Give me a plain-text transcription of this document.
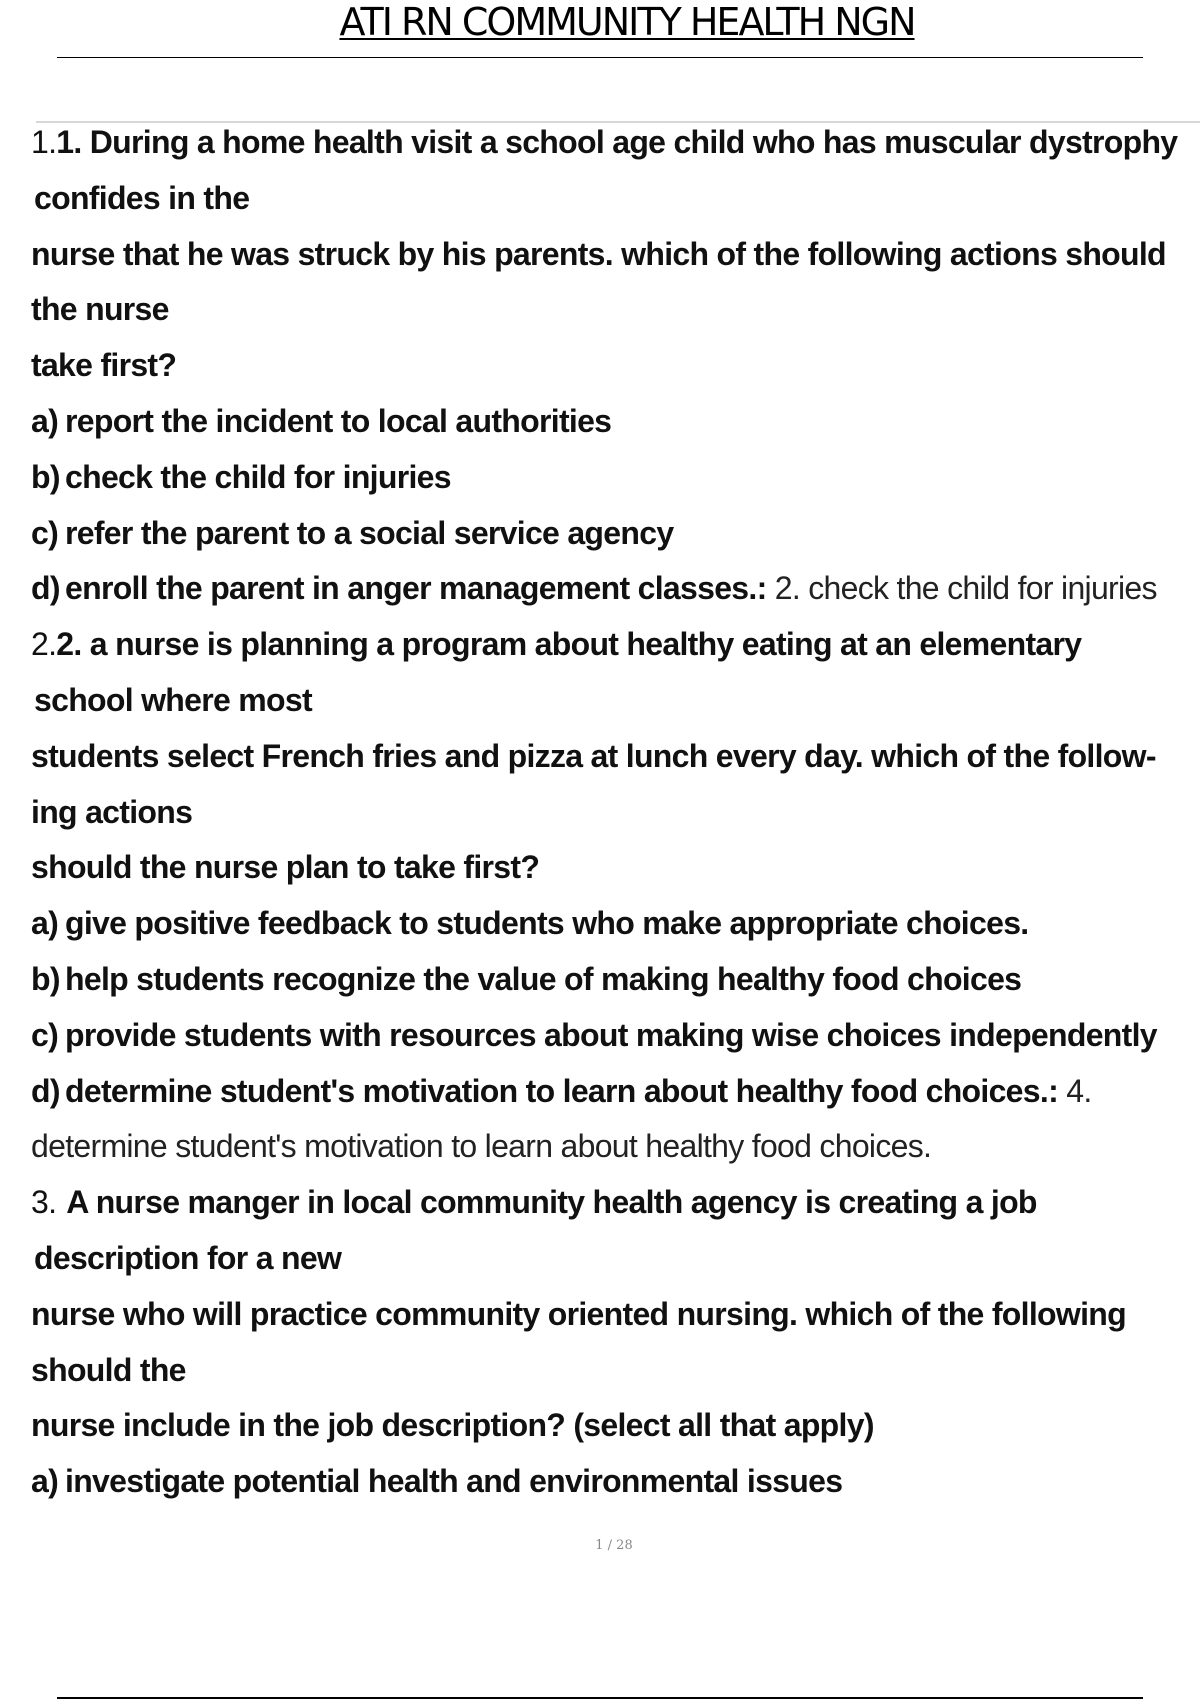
ATI RN COMMUNITY HEALTH NGN
1.1. During a home health visit a school age child who has muscular dystrophy
confides in the
nurse that he was struck by his parents. which of the following actions should
the nurse
take first?
a) report the incident to local authorities
b) check the child for injuries
c) refer the parent to a social service agency
d) enroll the parent in anger management classes.: 2. check the child for injuries
2.2. a nurse is planning a program about healthy eating at an elementary
school where most
students select French fries and pizza at lunch every day. which of the follow-
ing actions
should the nurse plan to take first?
a) give positive feedback to students who make appropriate choices.
b) help students recognize the value of making healthy food choices
c) provide students with resources about making wise choices independently
d) determine student's motivation to learn about healthy food choices.: 4.
determine student's motivation to learn about healthy food choices.
3. A nurse manger in local community health agency is creating a job
description for a new
nurse who will practice community oriented nursing. which of the following
should the
nurse include in the job description? (select all that apply)
a) investigate potential health and environmental issues
1 / 28
